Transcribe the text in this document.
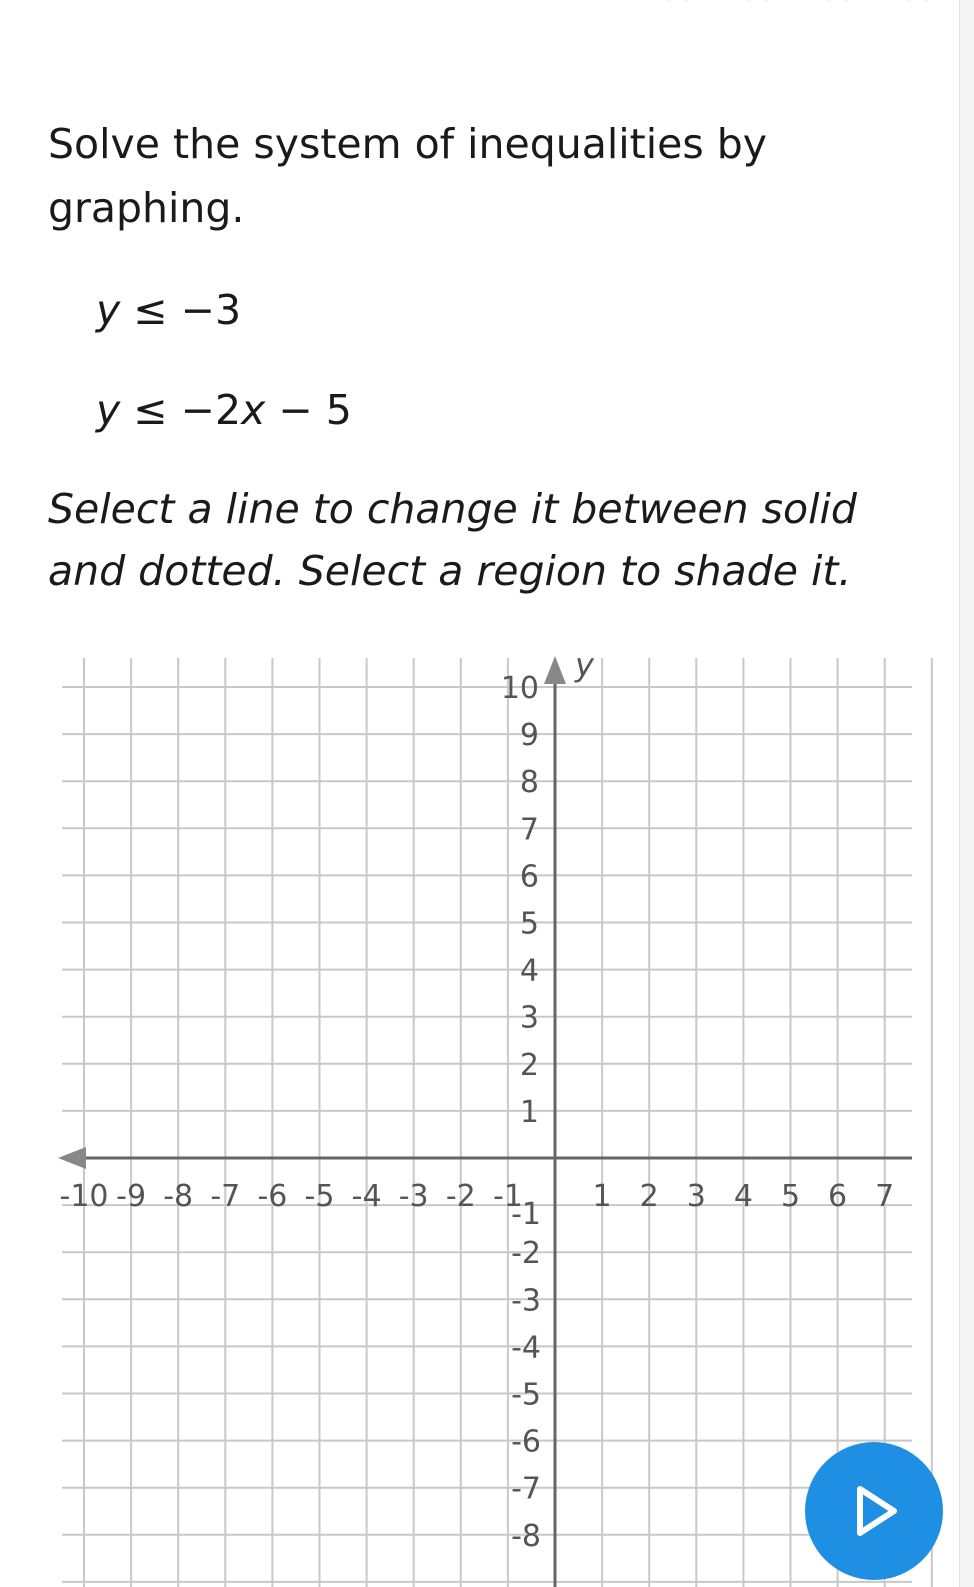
Solve the system of inequalities by
graphing.
y ≤ −3
y ≤ −2x − 5
Select a line to change it between solid
and dotted. Select a region to shade it.
-10 -9 -8 -7 -6 -5 -4 -3 -2 -1 1 2 3 4 5 6 7
10
9
8
7
6
5
4
3
2
1
-1
-2
-3
-4
-5
-6
-7
-8
y
